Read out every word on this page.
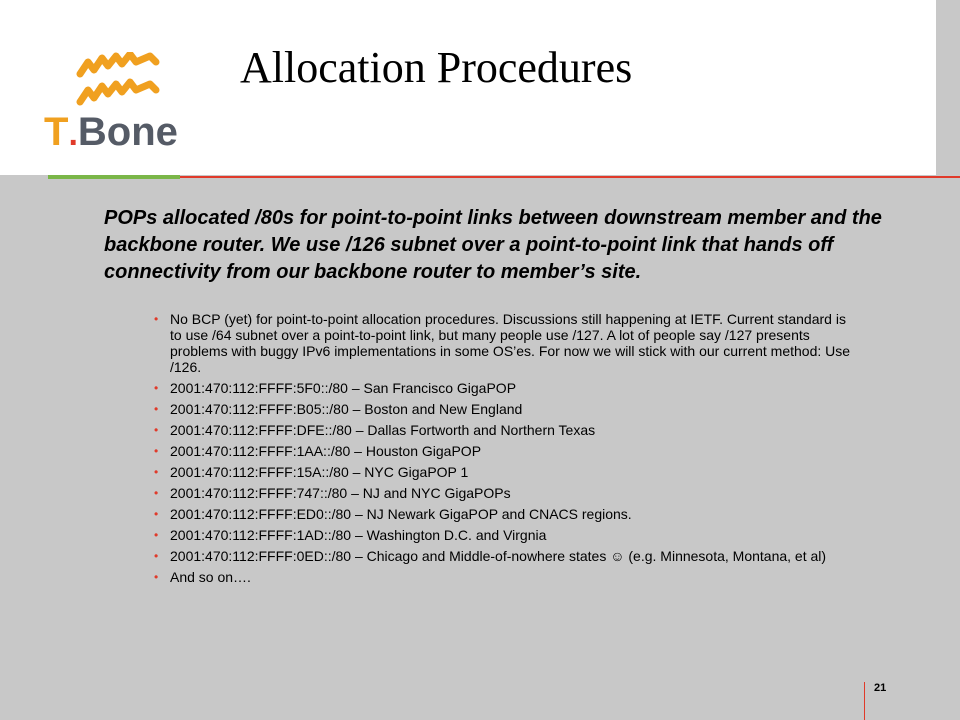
T.Bone
Allocation Procedures

POPs allocated /80s for point-to-point links between downstream member and the backbone router. We use /126 subnet over a point-to-point link that hands off connectivity from our backbone router to member’s site.

• No BCP (yet) for point-to-point allocation procedures. Discussions still happening at IETF. Current standard is to use /64 subnet over a point-to-point link, but many people use /127. A lot of people say /127 presents problems with buggy IPv6 implementations in some OS’es. For now we will stick with our current method: Use /126.
• 2001:470:112:FFFF:5F0::/80 – San Francisco GigaPOP
• 2001:470:112:FFFF:B05::/80 – Boston and New England
• 2001:470:112:FFFF:DFE::/80 – Dallas Fortworth and Northern Texas
• 2001:470:112:FFFF:1AA::/80 – Houston GigaPOP
• 2001:470:112:FFFF:15A::/80 – NYC GigaPOP 1
• 2001:470:112:FFFF:747::/80 – NJ and NYC GigaPOPs
• 2001:470:112:FFFF:ED0::/80 – NJ Newark GigaPOP and CNACS regions.
• 2001:470:112:FFFF:1AD::/80 – Washington D.C. and Virgnia
• 2001:470:112:FFFF:0ED::/80 – Chicago and Middle-of-nowhere states ☺ (e.g. Minnesota, Montana, et al)
• And so on….
21
